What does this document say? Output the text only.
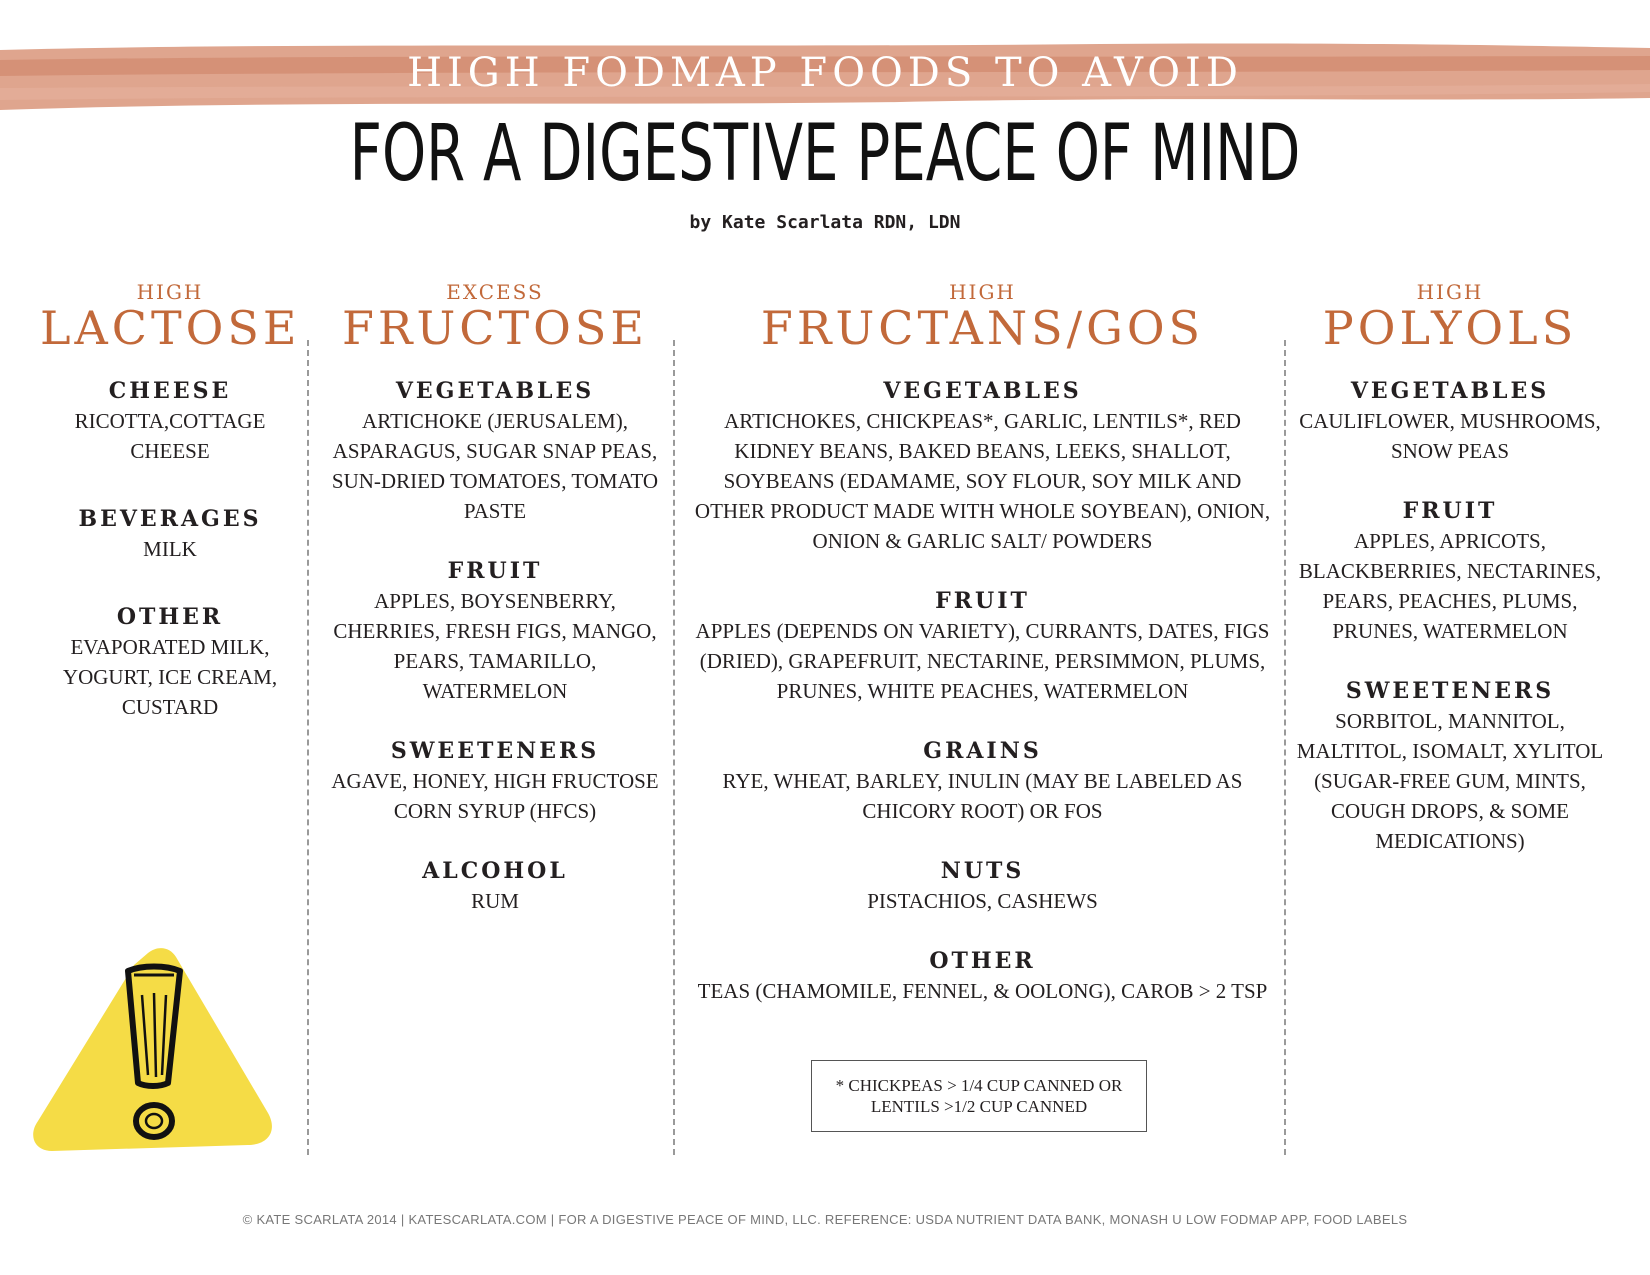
HIGH FODMAP FOODS TO AVOID
FOR A DIGESTIVE PEACE OF MIND
by Kate Scarlata RDN, LDN
HIGH
LACTOSE
CHEESE
RICOTTA,COTTAGE CHEESE
BEVERAGES
MILK
OTHER
EVAPORATED MILK, YOGURT, ICE CREAM, CUSTARD
EXCESS
FRUCTOSE
VEGETABLES
ARTICHOKE (JERUSALEM), ASPARAGUS, SUGAR SNAP PEAS, SUN-DRIED TOMATOES, TOMATO PASTE
FRUIT
APPLES, BOYSENBERRY, CHERRIES, FRESH FIGS, MANGO, PEARS, TAMARILLO, WATERMELON
SWEETENERS
AGAVE, HONEY, HIGH FRUCTOSE CORN SYRUP (HFCS)
ALCOHOL
RUM
HIGH
FRUCTANS/GOS
VEGETABLES
ARTICHOKES, CHICKPEAS*, GARLIC, LENTILS*, RED KIDNEY BEANS, BAKED BEANS, LEEKS, SHALLOT, SOYBEANS (EDAMAME, SOY FLOUR, SOY MILK AND OTHER PRODUCT MADE WITH WHOLE SOYBEAN), ONION, ONION & GARLIC SALT/ POWDERS
FRUIT
APPLES (DEPENDS ON VARIETY), CURRANTS, DATES, FIGS (DRIED), GRAPEFRUIT, NECTARINE, PERSIMMON, PLUMS, PRUNES, WHITE PEACHES, WATERMELON
GRAINS
RYE, WHEAT, BARLEY, INULIN (MAY BE LABELED AS CHICORY ROOT) OR FOS
NUTS
PISTACHIOS, CASHEWS
OTHER
TEAS (CHAMOMILE, FENNEL, & OOLONG), CAROB > 2 TSP
* CHICKPEAS > 1/4 CUP CANNED OR
LENTILS >1/2 CUP CANNED
HIGH
POLYOLS
VEGETABLES
CAULIFLOWER, MUSHROOMS, SNOW PEAS
FRUIT
APPLES, APRICOTS, BLACKBERRIES, NECTARINES, PEARS, PEACHES, PLUMS, PRUNES, WATERMELON
SWEETENERS
SORBITOL, MANNITOL, MALTITOL, ISOMALT, XYLITOL (SUGAR-FREE GUM, MINTS, COUGH DROPS, & SOME MEDICATIONS)
© KATE SCARLATA 2014 | KATESCARLATA.COM | FOR A DIGESTIVE PEACE OF MIND, LLC. REFERENCE: USDA NUTRIENT DATA BANK, MONASH U LOW FODMAP APP, FOOD LABELS
